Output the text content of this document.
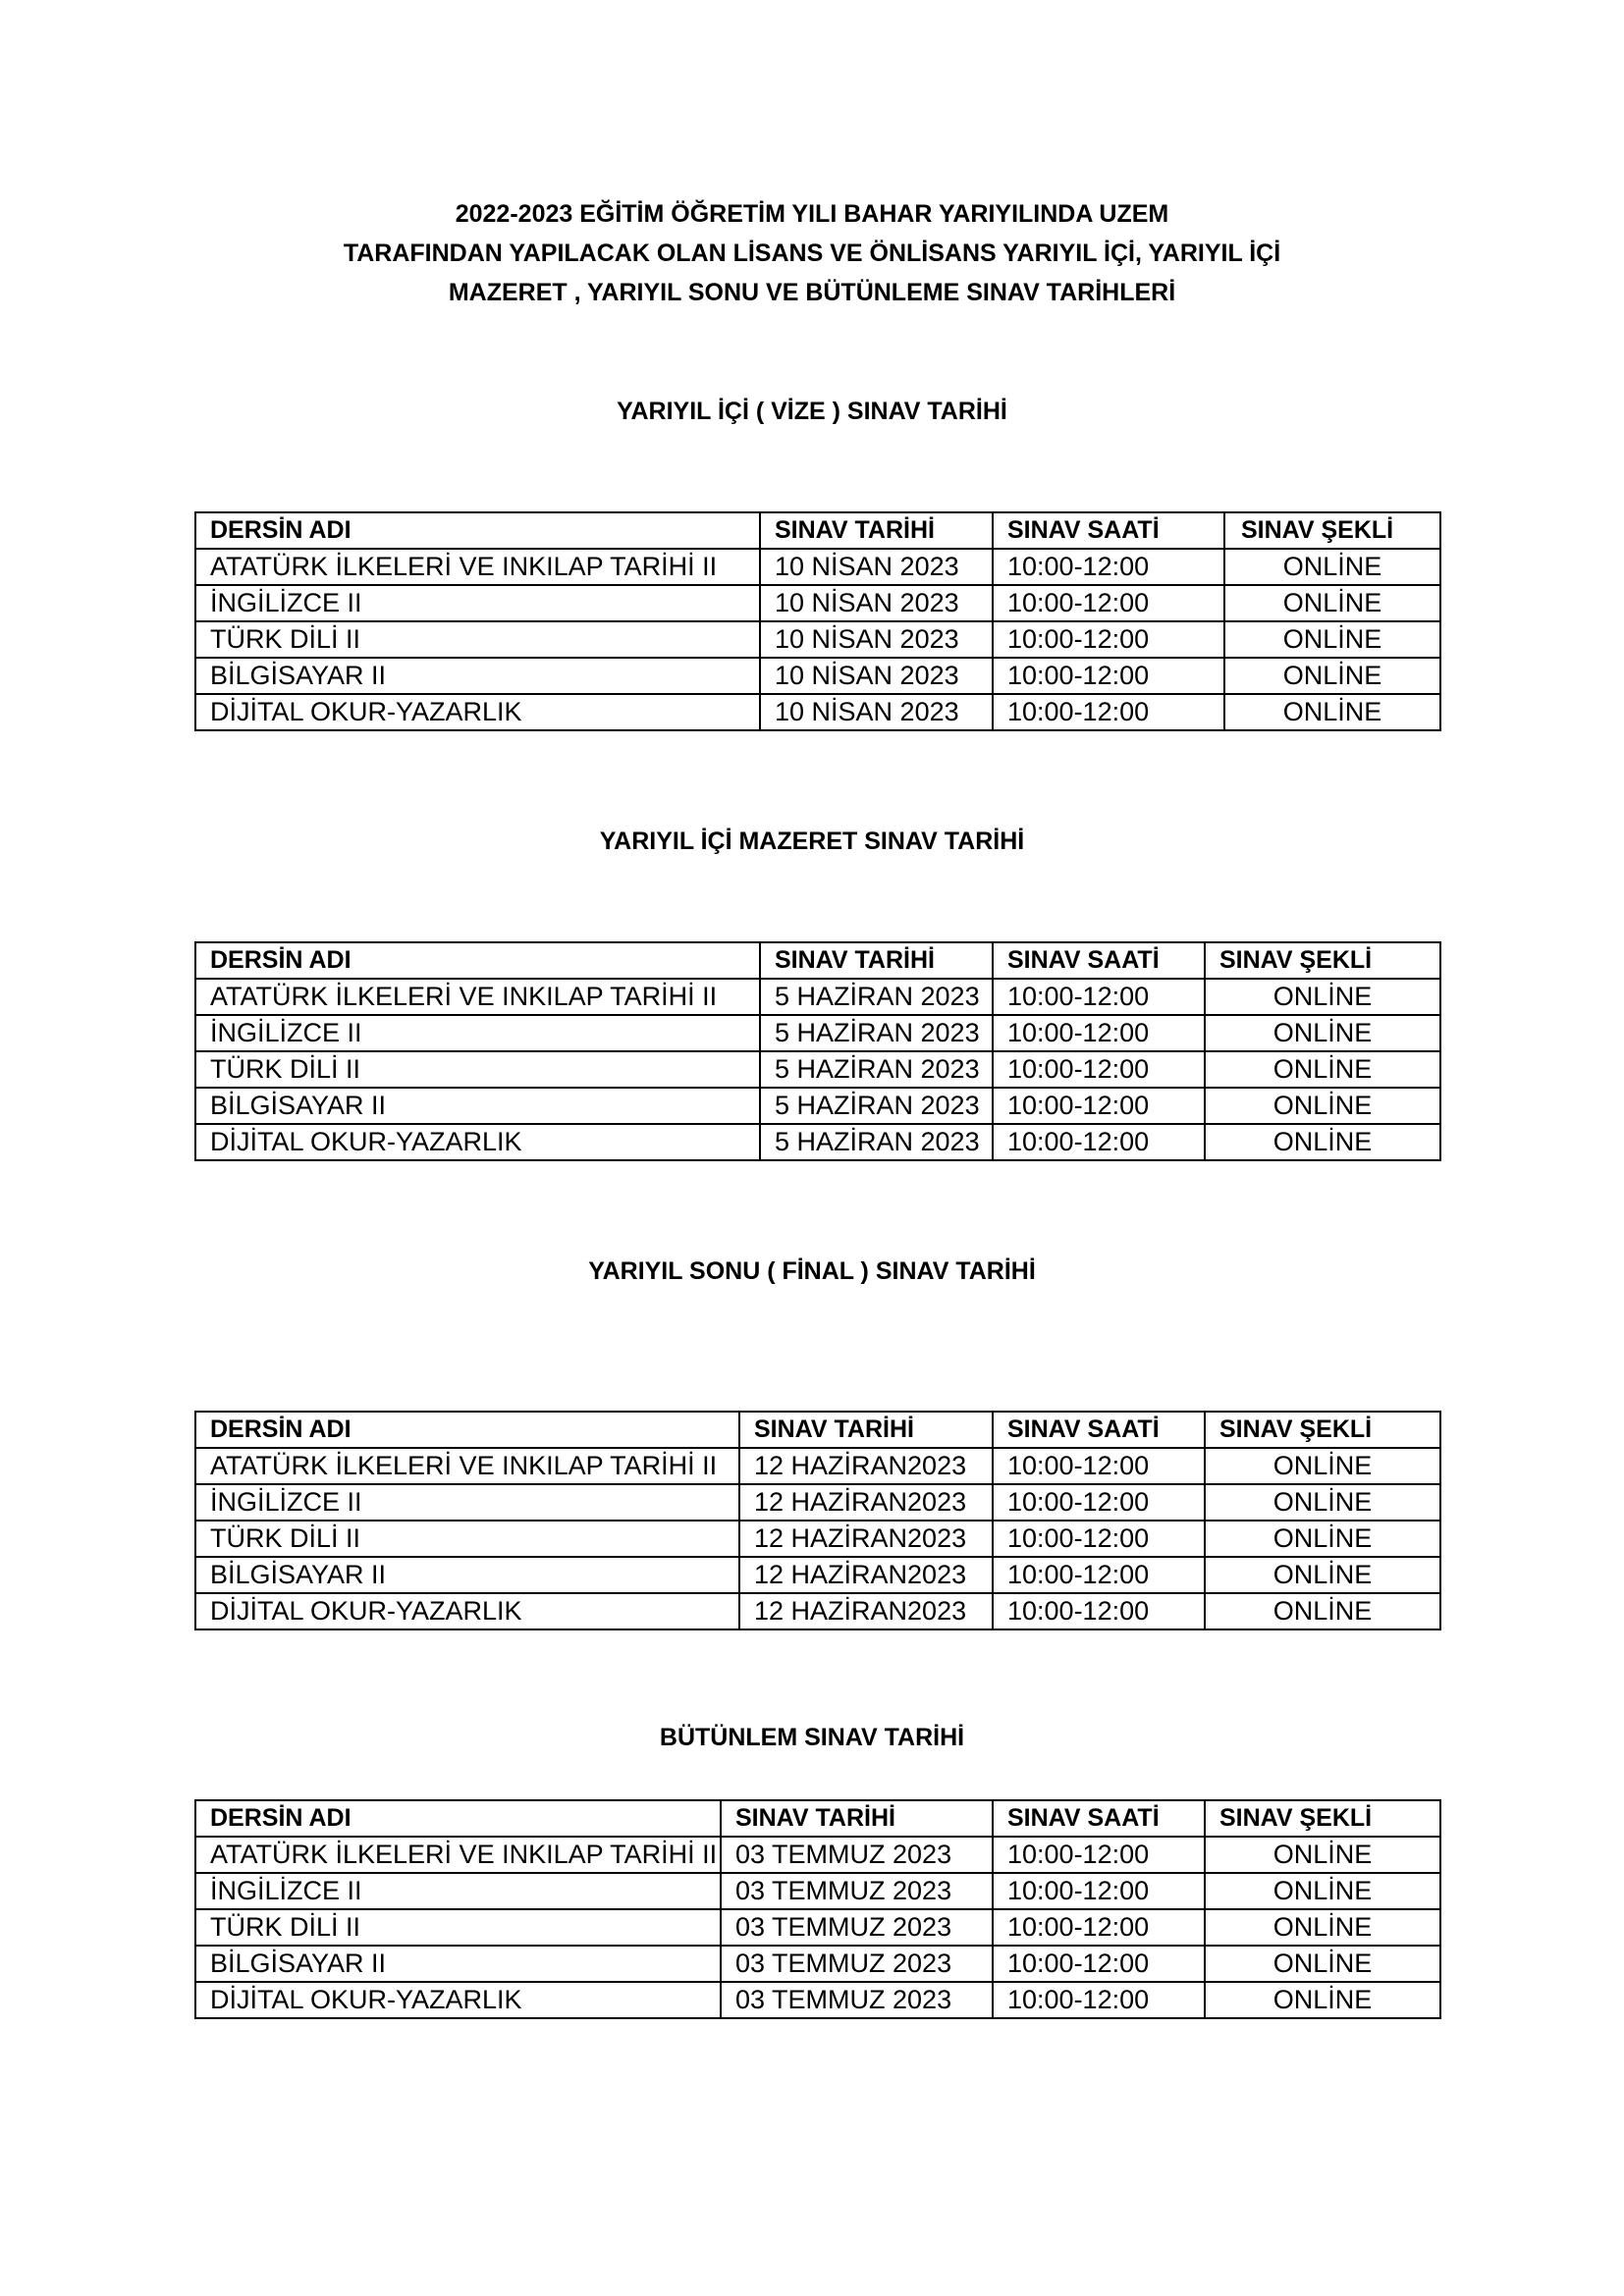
2022-2023 EĞİTİM ÖĞRETİM YILI BAHAR YARIYILINDA UZEM
TARAFINDAN YAPILACAK OLAN LİSANS VE ÖNLİSANS YARIYIL İÇİ, YARIYIL İÇİ
MAZERET , YARIYIL SONU VE BÜTÜNLEME SINAV TARİHLERİ
YARIYIL İÇİ ( VİZE ) SINAV TARİHİ
DERSİN ADI	SINAV TARİHİ	SINAV SAATİ	SINAV ŞEKLİ
ATATÜRK İLKELERİ VE INKILAP TARİHİ II	10 NİSAN 2023	10:00-12:00	ONLİNE
İNGİLİZCE II	10 NİSAN 2023	10:00-12:00	ONLİNE
TÜRK DİLİ II	10 NİSAN 2023	10:00-12:00	ONLİNE
BİLGİSAYAR II	10 NİSAN 2023	10:00-12:00	ONLİNE
DİJİTAL OKUR-YAZARLIK	10 NİSAN 2023	10:00-12:00	ONLİNE
YARIYIL İÇİ MAZERET SINAV TARİHİ
DERSİN ADI	SINAV TARİHİ	SINAV SAATİ	SINAV ŞEKLİ
ATATÜRK İLKELERİ VE INKILAP TARİHİ II	5 HAZİRAN 2023	10:00-12:00	ONLİNE
İNGİLİZCE II	5 HAZİRAN 2023	10:00-12:00	ONLİNE
TÜRK DİLİ II	5 HAZİRAN 2023	10:00-12:00	ONLİNE
BİLGİSAYAR II	5 HAZİRAN 2023	10:00-12:00	ONLİNE
DİJİTAL OKUR-YAZARLIK	5 HAZİRAN 2023	10:00-12:00	ONLİNE
YARIYIL SONU ( FİNAL ) SINAV TARİHİ
DERSİN ADI	SINAV TARİHİ	SINAV SAATİ	SINAV ŞEKLİ
ATATÜRK İLKELERİ VE INKILAP TARİHİ II	12 HAZİRAN2023	10:00-12:00	ONLİNE
İNGİLİZCE II	12 HAZİRAN2023	10:00-12:00	ONLİNE
TÜRK DİLİ II	12 HAZİRAN2023	10:00-12:00	ONLİNE
BİLGİSAYAR II	12 HAZİRAN2023	10:00-12:00	ONLİNE
DİJİTAL OKUR-YAZARLIK	12 HAZİRAN2023	10:00-12:00	ONLİNE
BÜTÜNLEM SINAV TARİHİ
DERSİN ADI	SINAV TARİHİ	SINAV SAATİ	SINAV ŞEKLİ
ATATÜRK İLKELERİ VE INKILAP TARİHİ II	03 TEMMUZ 2023	10:00-12:00	ONLİNE
İNGİLİZCE II	03 TEMMUZ 2023	10:00-12:00	ONLİNE
TÜRK DİLİ II	03 TEMMUZ 2023	10:00-12:00	ONLİNE
BİLGİSAYAR II	03 TEMMUZ 2023	10:00-12:00	ONLİNE
DİJİTAL OKUR-YAZARLIK	03 TEMMUZ 2023	10:00-12:00	ONLİNE
